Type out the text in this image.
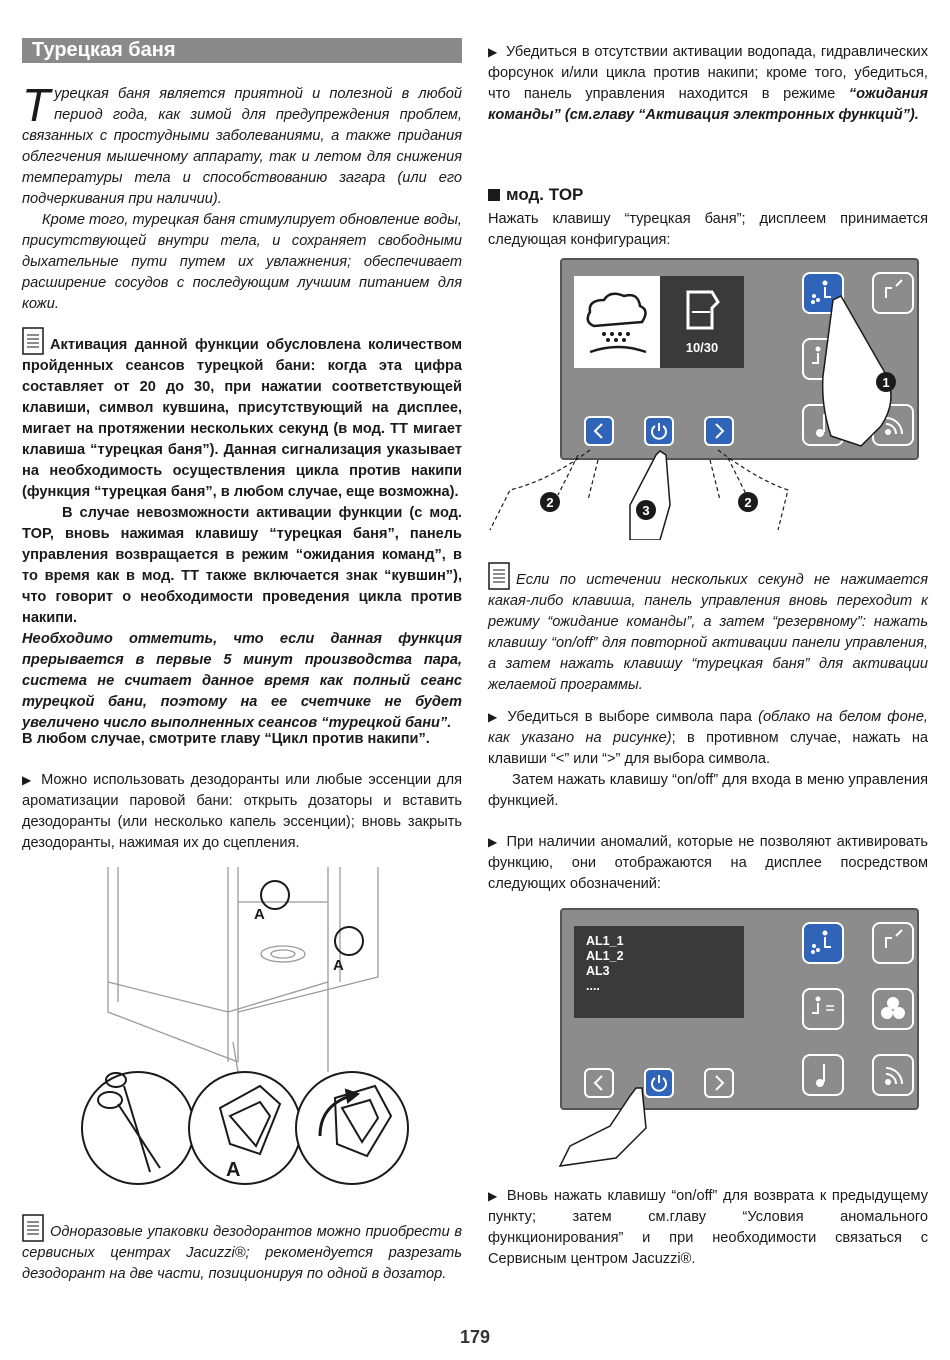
Турецкая баня
Турецкая баня является приятной и полезной в любой период года, как зимой для предупреждения проблем, связанных с простудными заболеваниями, а также придания облегчения мышечному аппарату, так и летом для снижения температуры тела и способствованию загара (или его подчеркивания при наличии).
Кроме того, турецкая баня стимулирует обновление воды, присутствующей внутри тела, и сохраняет свободными дыхательные пути путем их увлажнения; обеспечивает расширение сосудов с последующим лучшим питанием для кожи.
Активация данной функции обусловлена количеством пройденных сеансов турецкой бани: когда эта цифра составляет от 20 до 30, при нажатии соответствующей клавиши, символ кувшина, присутствующий на дисплее, мигает на протяжении нескольких секунд (в мод. TT мигает клавиша “турецкая баня”). Данная сигнализация указывает на необходимость осуществления цикла против накипи (функция “турецкая баня”, в любом случае, еще возможна).
В случае невозможности активации функции (с мод. TOP, вновь нажимая клавишу “турецкая баня”, панель управления возвращается в режим “ожидания команд”, в то время как в мод. TT также включается знак “кувшин”), что говорит о необходимости проведения цикла против накипи.
Необходимо отметить, что если данная функция прерывается в первые 5 минут производства пара, система не считает данное время как полный сеанс турецкой бани, поэтому на ее счетчике не будет увеличено число выполненных сеансов “турецкой бани”.
В любом случае, смотрите главу “Цикл против накипи”.
▶ Можно использовать дезодоранты или любые эссенции для ароматизации паровой бани: открыть дозаторы и вставить дезодоранты (или несколько капель эссенции); вновь закрыть дезодоранты, нажимая их до сцепления.
A
A
A
Одноразовые упаковки дезодорантов можно приобрести в сервисных центрах Jacuzzi®; рекомендуется разрезать дезодорант на две части, позиционируя по одной в дозатор.
▶ Убедиться в отсутствии активации водопада, гидравлических форсунок и/или цикла против накипи; кроме того, убедиться, что панель управления находится в режиме “ожидания команды” (см.главу “Активация электронных функций”).
мод. TOP
Нажать клавишу “турецкая баня”; дисплеем принимается следующая конфигурация:
10/30
1
2	2
3
Если по истечении нескольких секунд не нажимается какая-либо клавиша, панель управления вновь переходит к режиму “ожидание команды”, а затем “резервному”: нажать клавишу “on/off” для повторной активации панели управления, а затем нажать клавишу “турецкая баня” для активации желаемой программы.
▶ Убедиться в выборе символа пара (облако на белом фоне, как указано на рисунке); в противном случае, нажать на клавиши “<” или “>” для выбора символа.
Затем нажать клавишу “on/off” для входа в меню управления функцией.
▶ При наличии аномалий, которые не позволяют активировать функцию, они отображаются на дисплее посредством следующих обозначений:
AL1_1
AL1_2
AL3
....
▶ Вновь нажать клавишу “on/off” для возврата к предыдущему пункту; затем см.главу “Условия аномального функционирования” и при необходимости связаться с Сервисным центром Jacuzzi®.
179
